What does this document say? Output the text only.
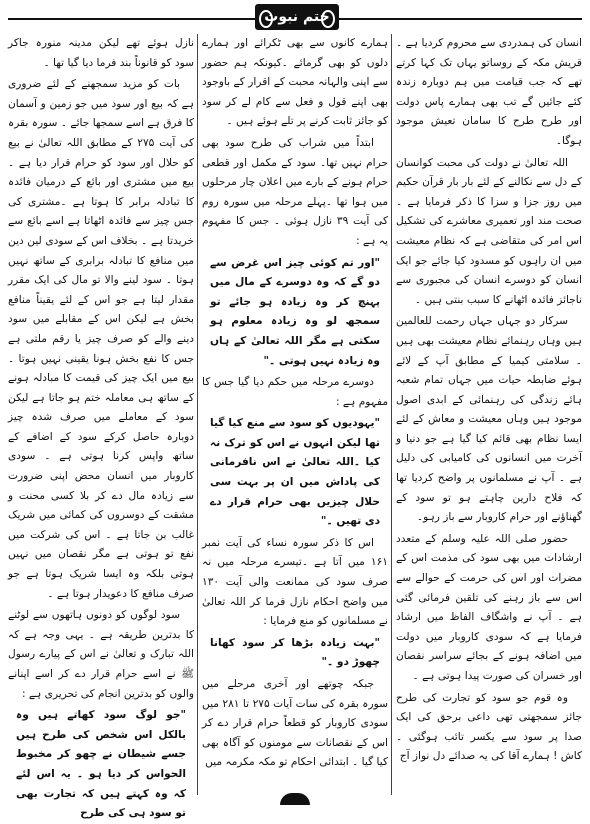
ختم نبوت

انسان کی ہمدردی سے محروم کردیا ہے ۔قریش مکہ کے روساتو یہاں تک کہا کرتے تھے کہ جب قیامت میں ہم دوبارہ زندہ کئے جائیں گے تب بھی ہمارے پاس دولت اور طرح طرح کا سامان تعیش موجود ہوگا۔

اللہ تعالیٰ نے دولت کی محبت کوانسان کے دل سے نکالنے کے لئے بار بار قرآن حکیم میں روز جزا و سزا کا ذکر فرمایا ہے ۔صحت مند اور تعمیری معاشرے کی تشکیل اس امر کی متقاضی ہے کہ نظام معیشت میں ان راہوں کو مسدود کیا جائے جو ایک انسان کو دوسرے انسان کی مجبوری سے ناجائز فائدہ اٹھانے کا سبب بنتی ہیں ۔

سرکار دو جہاں جہاں رحمت للعالمین ہیں وہاں رہنمائے نظام معیشت بھی ہیں ۔ سلامتی کیمیا کے مطابق آپ کے لائے ہوئے ضابطہ حیات میں جہاں تمام شعبہ ہائے زندگی کی رہنمائی کے ابدی اصول موجود ہیں وہاں معیشت و معاش کے لئے ایسا نظام بھی قائم کیا گیا ہے جو دنیا و آخرت میں انسانوں کی کامیابی کی دلیل ہے ۔ آپ نے مسلمانوں پر واضح کردیا تھا کہ فلاح دارین چاہتے ہو تو سود کے گھناؤنے اور حرام کاروبار سے باز رہو۔

حضور صلی اللہ علیہ وسلم کے متعدد ارشادات میں بھی سود کی مذمت اس کے مضرات اور اس کی حرمت کے حوالے سے اس سے باز رہنے کی تلقین فرمائی گئی ہے ۔ آپ نے واشگاف الفاظ میں ارشاد فرمایا ہے کہ سودی کاروبار میں دولت میں اضافہ ہونے کے بجائے سراسر نقصان اور خسران کی صورت پیدا ہوتی ہے ۔

وہ قوم جو سود کو تجارت کی طرح جائز سمجھتی تھی داعی برحق کی ایک صدا پر سود سے یکسر تائب ہوگئی ۔ کاش ! ہمارے آقا کی یہ صدائے دل نواز آج

ہمارے کانوں سے بھی ٹکرائے اور ہمارے دلوں کو بھی گرمائے ۔کیونکہ ہم حضور سے اپنی والہانہ محبت کے اقرار کے باوجود بھی اپنے قول و فعل سے کام لے کر سود کو جائز ثابت کرنے پر تلے ہوئے ہیں ۔

ابتداً میں شراب کی طرح سود بھی حرام نہیں تھا۔ سود کے مکمل اور قطعی حرام ہونے کے بارے میں اعلان چار مرحلوں میں ہوا تھا ۔پہلے مرحلہ میں سورہ روم کی آیت ۳۹ نازل ہوئی ۔ جس کا مفہوم یہ ہے :

"اور تم کوئی چیز اس غرض سے دو گے کہ وہ دوسرے کے مال میں پہنچ کر وہ زیادہ ہو جائے تو سمجھ لو وہ زیادہ معلوم ہو سکتی ہے مگر اللہ تعالیٰ کے ہاں وہ زیادہ نہیں ہوتی ۔"

دوسرے مرحلہ میں حکم دیا گیا جس کا مفہوم ہے :

"یہودیوں کو سود سے منع کیا گیا تھا لیکن انہوں نے اس کو ترک نہ کیا ۔اللہ تعالیٰ نے اس نافرمانی کی پاداش میں ان پر بہت سی حلال چیزیں بھی حرام قرار دے دی تھیں ۔"

اس کا ذکر سورہ نساء کی آیت نمبر ۱۶۱ میں آتا ہے ۔تیسرے مرحلہ میں نہ صرف سود کی ممانعت والی آیت ۱۳۰ میں واضح احکام نازل فرما کر اللہ تعالیٰ نے مسلمانوں کو منع فرمایا :

"بہت زیادہ بڑھا کر سود کھانا چھوڑ دو ۔"

جبکہ چوتھے اور آخری مرحلے میں سورہ بقرہ کی سات آیات ۲۷۵ تا ۲۸۱ میں سودی کاروبار کو قطعاً حرام قرار دے کر اس کے نقصانات سے مومنوں کو آگاہ بھی کیا گیا ۔ ابتدائی احکام تو مکہ مکرمہ میں

نازل ہوئے تھے لیکن مدینہ منورہ جاکر سود کو قانوناً بند فرما دیا گیا تھا ۔

بات کو مزید سمجھنے کے لئے ضروری ہے کہ بیع اور سود میں جو زمین و آسمان کا فرق ہے اسے سمجھا جائے ۔ سورہ بقرہ کی آیت ۲۷۵ کے مطابق اللہ تعالیٰ نے بیع کو حلال اور سود کو حرام قرار دیا ہے ۔ بیع میں مشتری اور بائع کے درمیان فائدہ کا تبادلہ برابر کا ہوتا ہے ۔مشتری کی جس چیز سے فائدہ اٹھاتا ہے اسے بائع سے خریدتا ہے ۔ بخلاف اس کے سودی لین دین میں منافع کا تبادلہ برابری کے ساتھ نہیں ہوتا ۔ سود لینے والا تو مال کی ایک مقرر مقدار لیتا ہے جو اس کے لئے یقیناً منافع بخش ہے لیکن اس کے مقابلے میں سود دینے والے کو صرف چیز یا رقم ملتی ہے جس کا نفع بخش ہونا یقینی نہیں ہوتا ۔ بیع میں ایک چیز کی قیمت کا مبادلہ ہونے کے ساتھ ہی معاملہ ختم ہو جاتا ہے لیکن سود کے معاملے میں صرف شدہ چیز دوبارہ حاصل کرکے سود کے اضافے کے ساتھ واپس کرنا ہوتی ہے ۔ سودی کاروبار میں انسان محض اپنی ضرورت سے زیادہ مال دے کر بلا کسی محنت و مشقت کے دوسروں کی کمائی میں شریک غالب بن جاتا ہے ۔ اس کی شرکت میں نفع تو ہوتی ہے مگر نقصان میں نہیں ہوتی بلکہ وہ ایسا شریک ہوتا ہے جو صرف منافع کا دعویدار ہوتا ہے ۔

سود لوگوں کو دونوں ہاتھوں سے لوٹنے کا بدترین طریقہ ہے ۔ یہی وجہ ہے کہ اللہ تبارک و تعالیٰ نے اس کے پیارے رسول ﷺ نے اسے حرام قرار دے کر اسے اپنانے والوں کو بدترین انجام کی تحریری ہے :

"جو لوگ سود کھاتے ہیں وہ بالکل اس شخص کی طرح ہیں جسے شیطان نے چھو کر مخبوط الحواس کر دیا ہو ۔ یہ اس لئے کہ وہ کہتے ہیں کہ تجارت بھی تو سود ہی کی طرح
